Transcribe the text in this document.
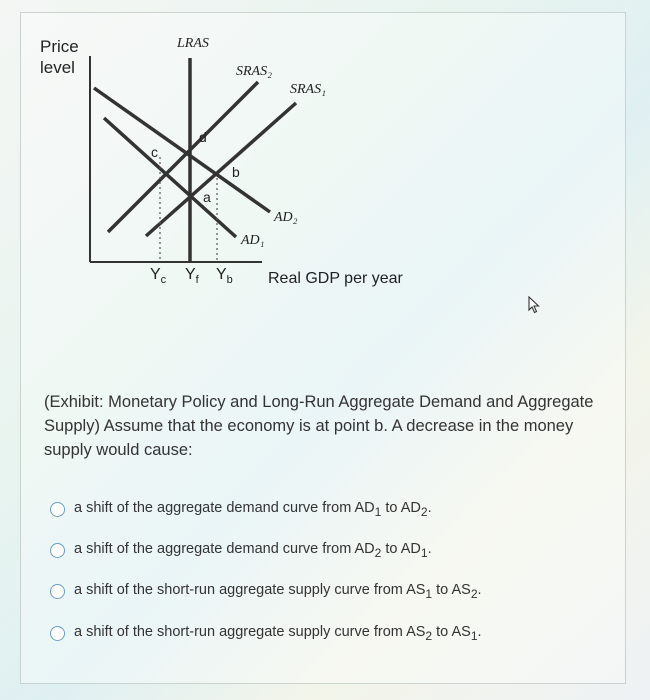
Price
level
LRAS
SRAS₂
SRAS₁
AD₂
AD₁
d
c
b
a
$Y_c$ $Y_f$ $Y_b$ Real GDP per year
(Exhibit: Monetary Policy and Long-Run Aggregate Demand and Aggregate Supply) Assume that the economy is at point b. A decrease in the money supply would cause:
a shift of the aggregate demand curve from $AD_1$ to $AD_2$.
a shift of the aggregate demand curve from $AD_2$ to $AD_1$.
a shift of the short-run aggregate supply curve from $AS_1$ to $AS_2$.
a shift of the short-run aggregate supply curve from $AS_2$ to $AS_1$.
